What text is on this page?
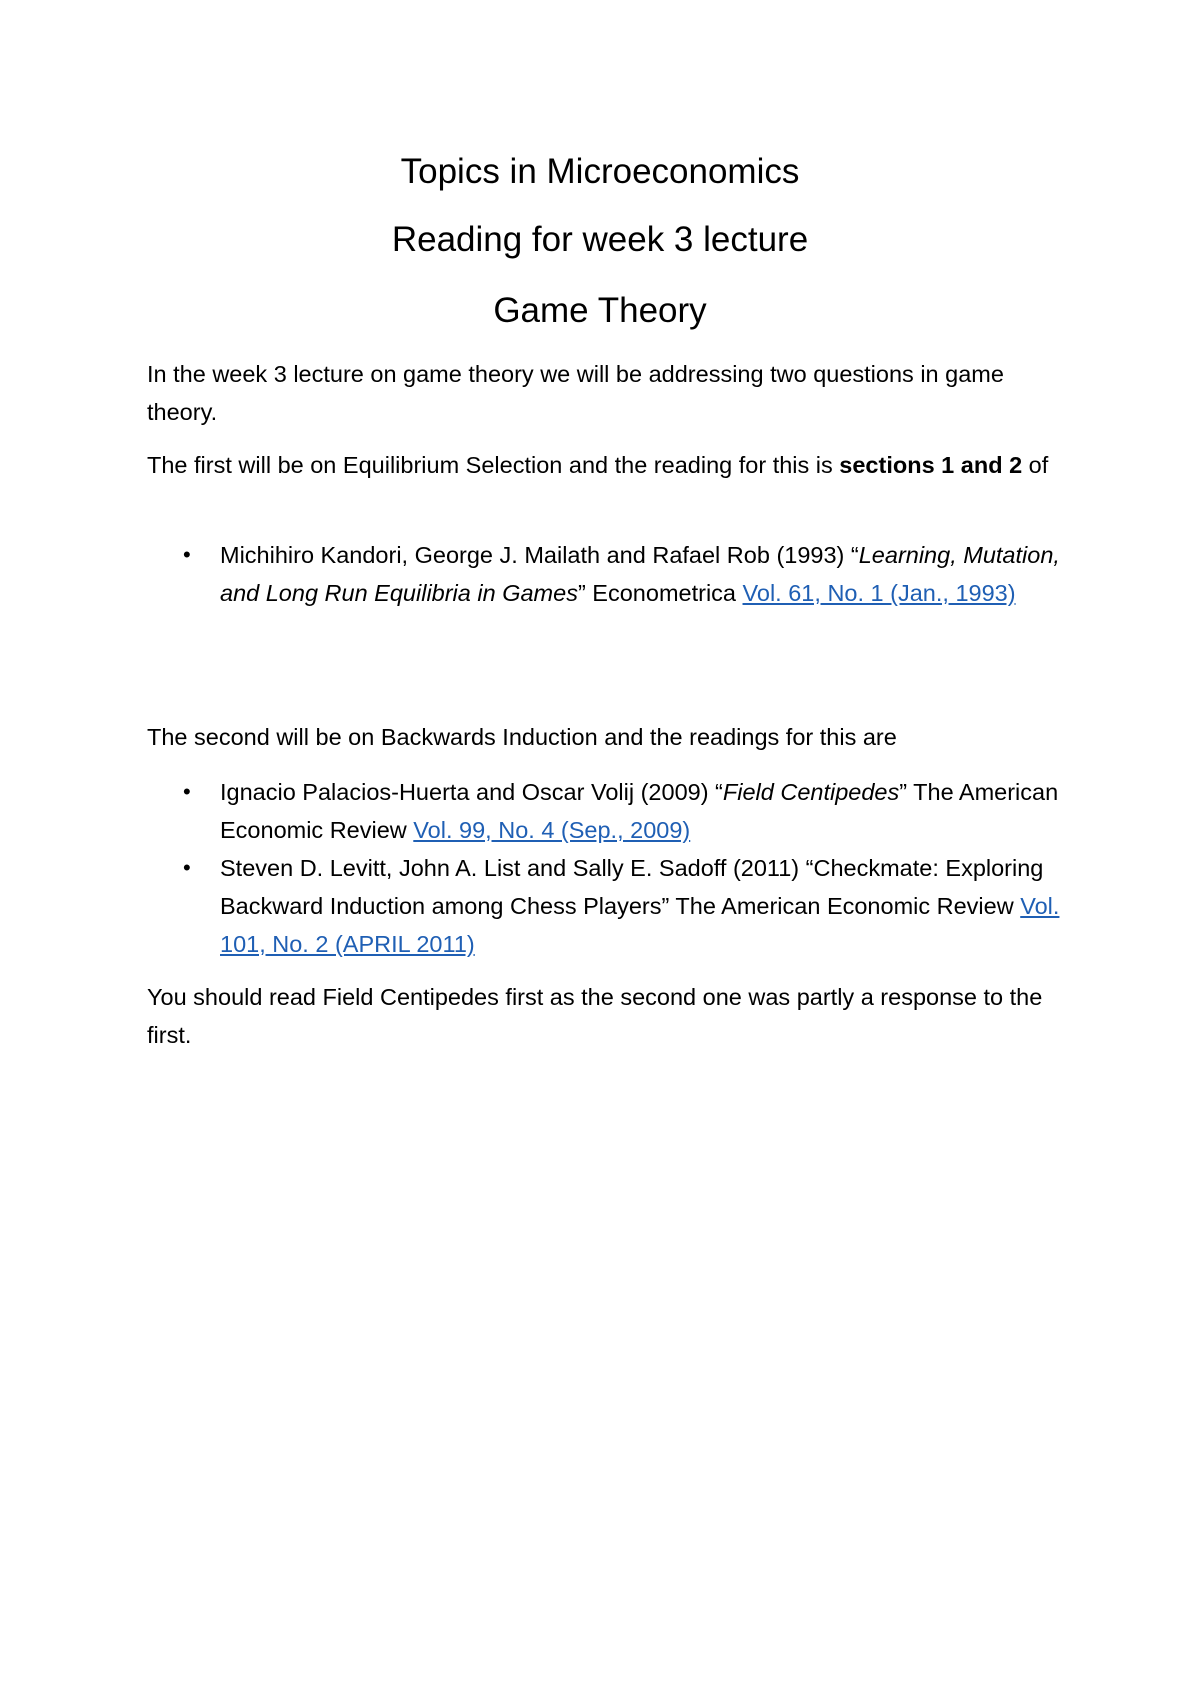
Topics in Microeconomics
Reading for week 3 lecture
Game Theory
In the week 3 lecture on game theory we will be addressing two questions in game theory.
The first will be on Equilibrium Selection and the reading for this is sections 1 and 2 of
• Michihiro Kandori, George J. Mailath and Rafael Rob (1993) “Learning, Mutation, and Long Run Equilibria in Games” Econometrica Vol. 61, No. 1 (Jan., 1993)
The second will be on Backwards Induction and the readings for this are
• Ignacio Palacios-Huerta and Oscar Volij (2009) “Field Centipedes” The American Economic Review Vol. 99, No. 4 (Sep., 2009)
• Steven D. Levitt, John A. List and Sally E. Sadoff (2011) “Checkmate: Exploring Backward Induction among Chess Players” The American Economic Review Vol. 101, No. 2 (APRIL 2011)
You should read Field Centipedes first as the second one was partly a response to the first.
